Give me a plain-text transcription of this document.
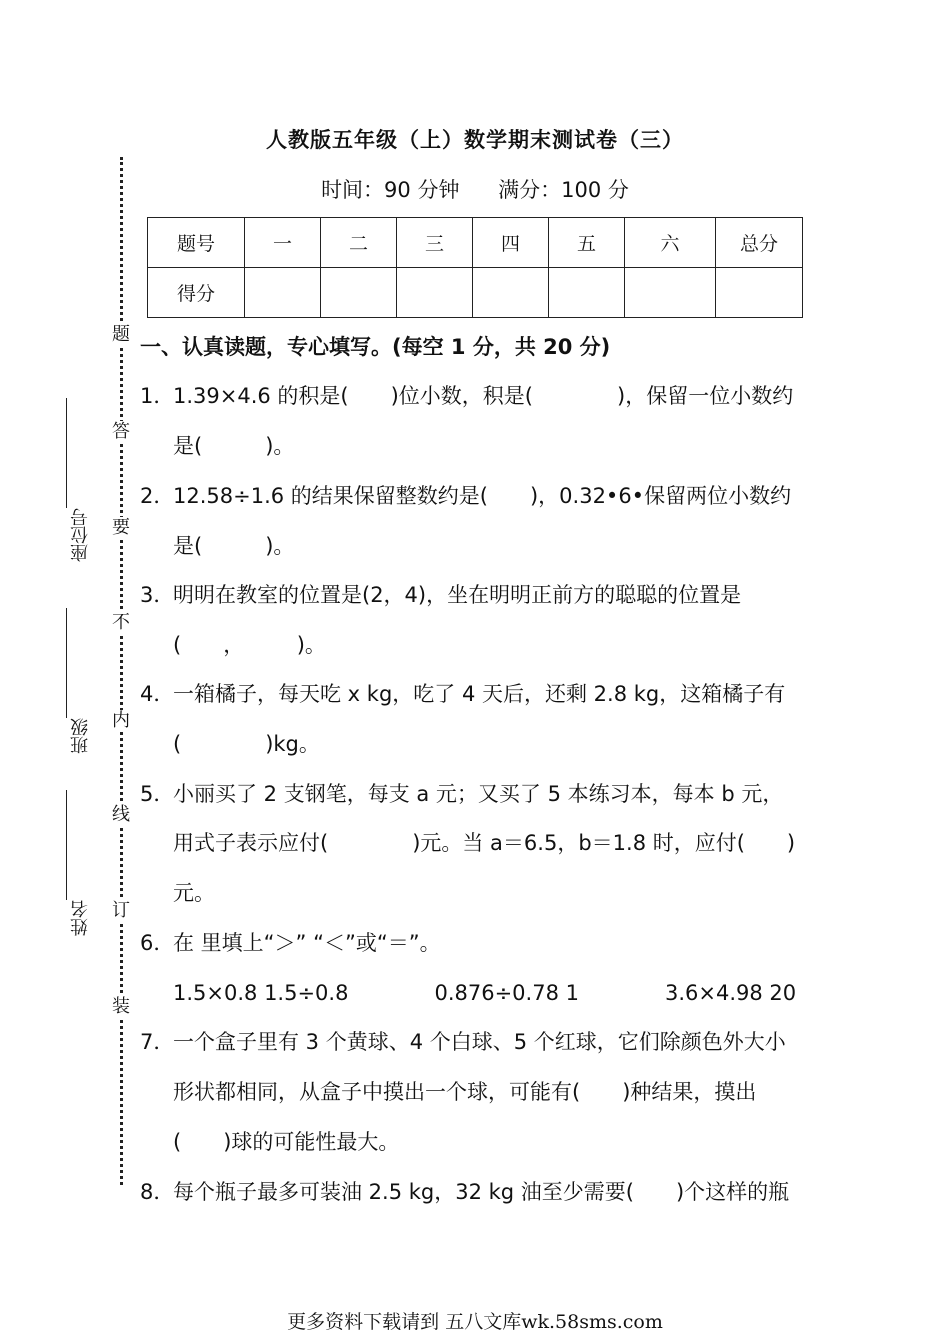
人教版五年级（上）数学期末测试卷（三）
时间：90 分钟 满分：100 分
题号	一	二	三	四	五	六	总分
得分							
题
答
要
不
内
线
订
装
座位号
班级
姓名
一、认真读题，专心填写。(每空 1 分，共 20 分)
1．1.39×4.6 的积是(　　)位小数，积是(　　　　)，保留一位小数约
是(　　　)。
2．12.58÷1.6 的结果保留整数约是(　　)，0.32•6•保留两位小数约
是(　　　)。
3．明明在教室的位置是(2，4)，坐在明明正前方的聪聪的位置是
(　　，　　　)。
4．一箱橘子，每天吃 x kg，吃了 4 天后，还剩 2.8 kg，这箱橘子有
(　　　　)kg。
5．小丽买了 2 支钢笔，每支 a 元；又买了 5 本练习本，每本 b 元，
用式子表示应付(　　　　)元。当 a＝6.5，b＝1.8 时，应付(　　)
元。
6．在 里填上“＞” “＜”或“＝”。
1.5×0.8 1.5÷0.8	0.876÷0.78 1	3.6×4.98 20
7．一个盒子里有 3 个黄球、4 个白球、5 个红球，它们除颜色外大小
形状都相同，从盒子中摸出一个球，可能有(　　)种结果，摸出
(　　)球的可能性最大。
8．每个瓶子最多可装油 2.5 kg，32 kg 油至少需要(　　)个这样的瓶
更多资料下载请到 五八文库wk.58sms.com
